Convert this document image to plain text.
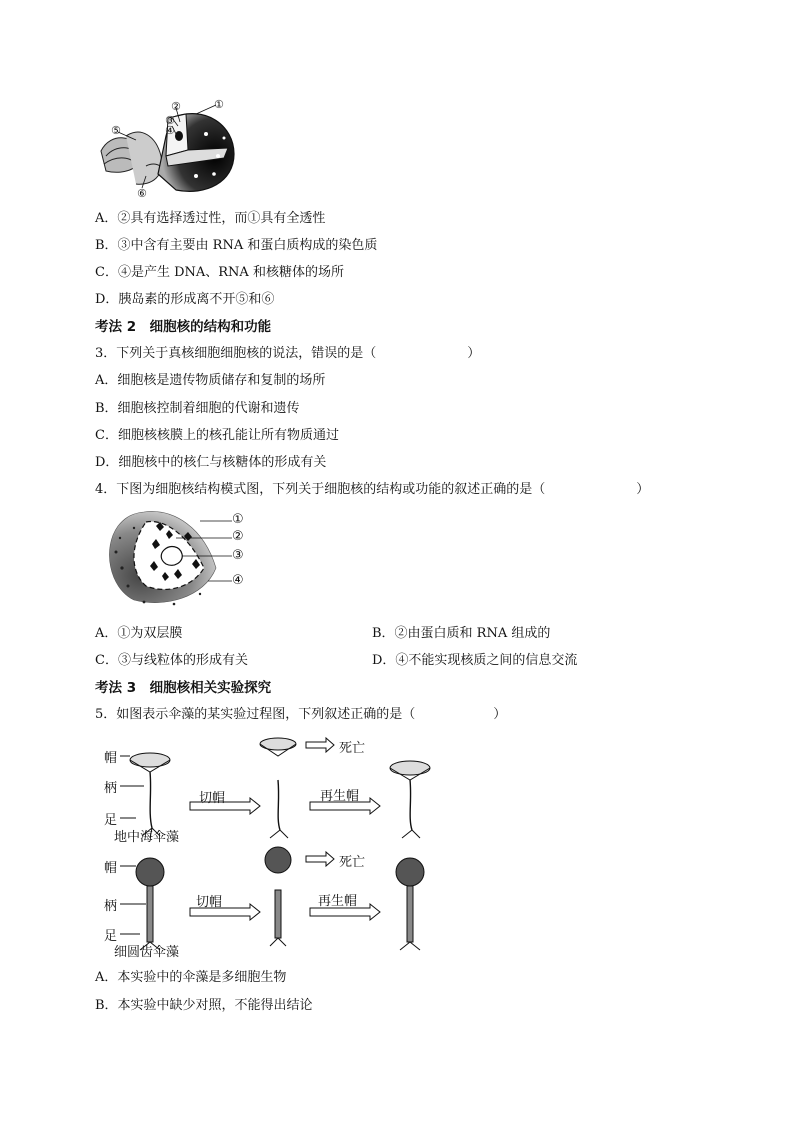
②	①
③
④
⑤
⑥
A．②具有选择透过性，而①具有全透性
B．③中含有主要由 RNA 和蛋白质构成的染色质
C．④是产生 DNA、RNA 和核糖体的场所
D．胰岛素的形成离不开⑤和⑥
考法 2　细胞核的结构和功能
3．下列关于真核细胞细胞核的说法，错误的是（　　　　　　　）
A．细胞核是遗传物质储存和复制的场所
B．细胞核控制着细胞的代谢和遗传
C．细胞核核膜上的核孔能让所有物质通过
D．细胞核中的核仁与核糖体的形成有关
4．下图为细胞核结构模式图，下列关于细胞核的结构或功能的叙述正确的是（　　　　　　　）
①
②
③
④
A．①为双层膜	B．②由蛋白质和 RNA 组成的
C．③与线粒体的形成有关	D．④不能实现核质之间的信息交流
考法 3　细胞核相关实验探究
5．如图表示伞藻的某实验过程图，下列叙述正确的是（　　　　　　）
帽
柄
足
地中海伞藻
切帽	再生帽
死亡
帽
柄
足
细圆齿伞藻
切帽	再生帽
死亡
A．本实验中的伞藻是多细胞生物
B．本实验中缺少对照，不能得出结论
